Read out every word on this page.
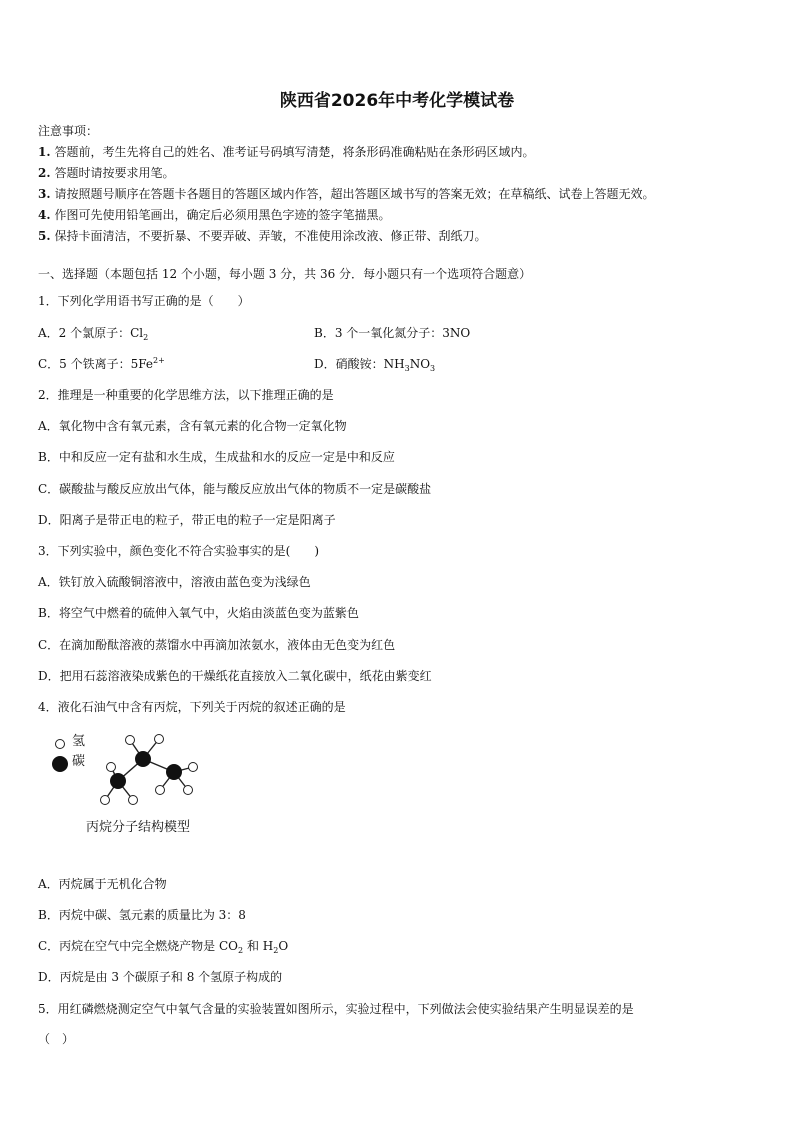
陕西省2026年中考化学模试卷
注意事项：
1. 答题前，考生先将自己的姓名、准考证号码填写清楚，将条形码准确粘贴在条形码区域内。
2. 答题时请按要求用笔。
3. 请按照题号顺序在答题卡各题目的答题区域内作答，超出答题区域书写的答案无效；在草稿纸、试卷上答题无效。
4. 作图可先使用铅笔画出，确定后必须用黑色字迹的签字笔描黑。
5. 保持卡面清洁，不要折暴、不要弄破、弄皱，不准使用涂改液、修正带、刮纸刀。
一、选择题（本题包括 12 个小题，每小题 3 分，共 36 分．每小题只有一个选项符合题意）
1．下列化学用语书写正确的是（　　）
A．2 个氯原子：$Cl_2$	B．3 个一氧化氮分子：3NO
C．5 个铁离子：$5Fe^{2+}$	D．硝酸铵：$NH_3NO_3$
2．推理是一种重要的化学思维方法，以下推理正确的是
A．氧化物中含有氧元素，含有氧元素的化合物一定氧化物
B．中和反应一定有盐和水生成，生成盐和水的反应一定是中和反应
C．碳酸盐与酸反应放出气体，能与酸反应放出气体的物质不一定是碳酸盐
D．阳离子是带正电的粒子，带正电的粒子一定是阳离子
3．下列实验中，颜色变化不符合实验事实的是(　　)
A．铁钉放入硫酸铜溶液中，溶液由蓝色变为浅绿色
B．将空气中燃着的硫伸入氧气中，火焰由淡蓝色变为蓝紫色
C．在滴加酚酞溶液的蒸馏水中再滴加浓氨水，液体由无色变为红色
D．把用石蕊溶液染成紫色的干燥纸花直接放入二氧化碳中，纸花由紫变红
4．液化石油气中含有丙烷，下列关于丙烷的叙述正确的是
氢
碳
丙烷分子结构模型
A．丙烷属于无机化合物
B．丙烷中碳、氢元素的质量比为 3：8
C．丙烷在空气中完全燃烧产物是 $CO_2$ 和 $H_2O$
D．丙烷是由 3 个碳原子和 8 个氢原子构成的
5．用红磷燃烧测定空气中氧气含量的实验装置如图所示，实验过程中，下列做法会使实验结果产生明显误差的是
（　）
